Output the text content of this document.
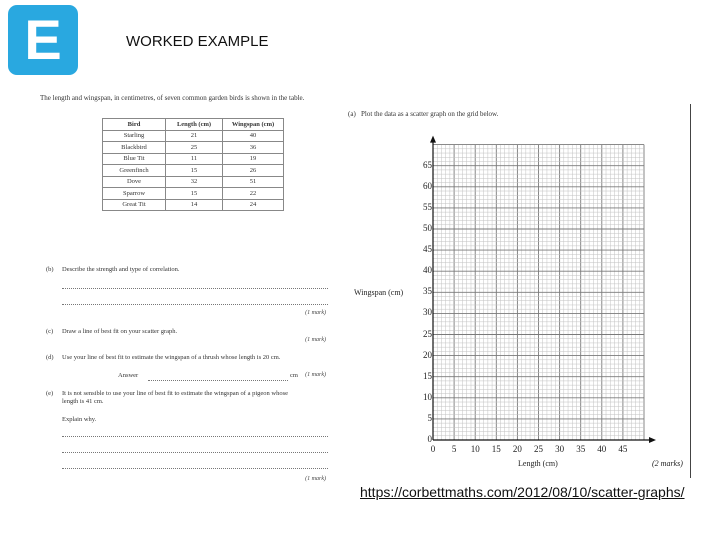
E	WORKED EXAMPLE
The length and wingspan, in centimetres, of seven common garden birds is shown in the table.
Bird	Length (cm)	Wingspan (cm)
Starling	21	40
Blackbird	25	36
Blue Tit	11	19
Greenfinch	15	26
Dove	32	51
Sparrow	15	22
Great Tit	14	24
(b) Describe the strength and type of correlation.
(1 mark)
(c) Draw a line of best fit on your scatter graph.
(1 mark)
(d) Use your line of best fit to estimate the wingspan of a thrush whose length is 20 cm.
Answer	cm (1 mark)
(e) It is not sensible to use your line of best fit to estimate the wingspan of a pigeon whose length is 41 cm.
Explain why.
(1 mark)
(a) Plot the data as a scatter graph on the grid below.
Wingspan (cm)
Length (cm)	(2 marks)
0
5
10
15
20
25
30
35
40
45
50
55
60
65
0	5	10	15	20	25	30	35	40	45
https://corbettmaths.com/2012/08/10/scatter-graphs/
